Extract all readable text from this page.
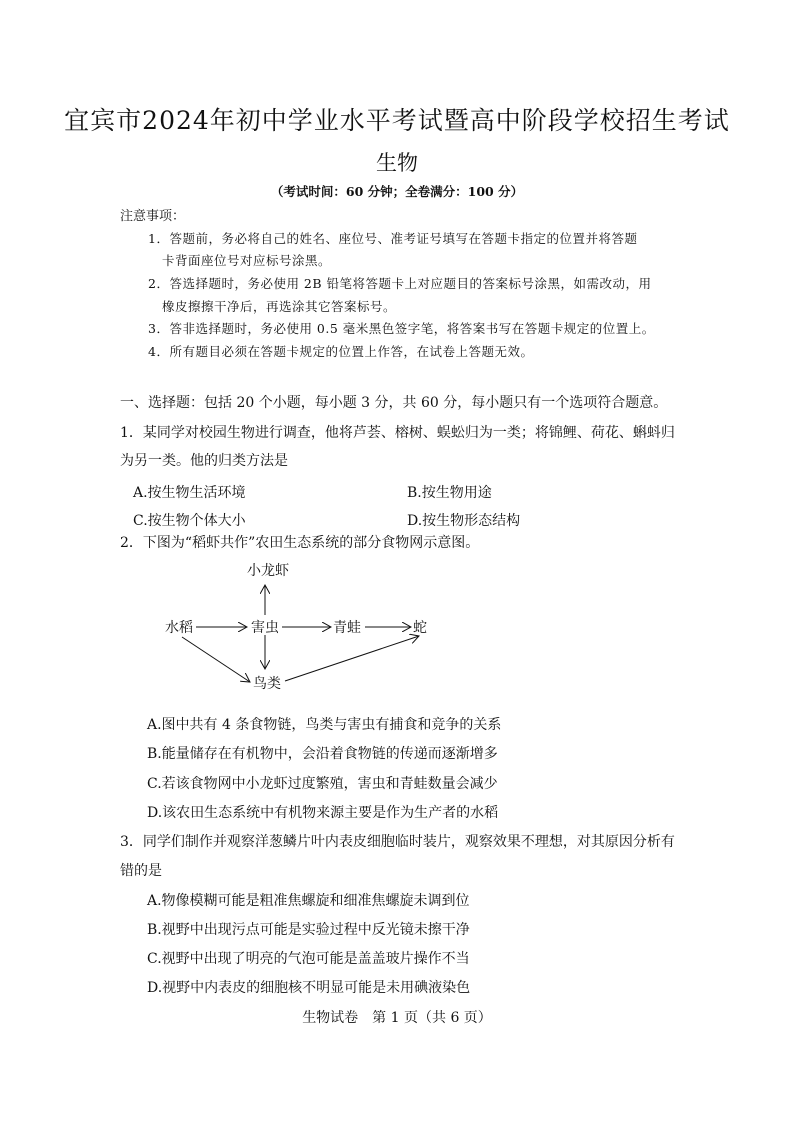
宜宾市2024年初中学业水平考试暨高中阶段学校招生考试
生物
（考试时间：60 分钟；全卷满分：100 分）
注意事项：
1．答题前，务必将自己的姓名、座位号、准考证号填写在答题卡指定的位置并将答题
卡背面座位号对应标号涂黑。
2．答选择题时，务必使用 2B 铅笔将答题卡上对应题目的答案标号涂黑，如需改动，用
橡皮擦擦干净后，再选涂其它答案标号。
3．答非选择题时，务必使用 0.5 毫米黑色签字笔，将答案书写在答题卡规定的位置上。
4．所有题目必须在答题卡规定的位置上作答，在试卷上答题无效。
一、选择题：包括 20 个小题，每小题 3 分，共 60 分，每小题只有一个选项符合题意。
1．某同学对校园生物进行调查，他将芦荟、榕树、蜈蚣归为一类；将锦鲤、荷花、蝌蚪归
为另一类。他的归类方法是
A.按生物生活环境	B.按生物用途
C.按生物个体大小	D.按生物形态结构
2．下图为“稻虾共作”农田生态系统的部分食物网示意图。
小龙虾
水稻	害虫	青蛙	蛇
鸟类
A.图中共有 4 条食物链，鸟类与害虫有捕食和竞争的关系
B.能量储存在有机物中，会沿着食物链的传递而逐渐增多
C.若该食物网中小龙虾过度繁殖，害虫和青蛙数量会减少
D.该农田生态系统中有机物来源主要是作为生产者的水稻
3．同学们制作并观察洋葱鳞片叶内表皮细胞临时装片，观察效果不理想，对其原因分析有
错的是
A.物像模糊可能是粗准焦螺旋和细准焦螺旋未调到位
B.视野中出现污点可能是实验过程中反光镜未擦干净
C.视野中出现了明亮的气泡可能是盖盖玻片操作不当
D.视野中内表皮的细胞核不明显可能是未用碘液染色
生物试卷　第 1 页（共 6 页）
